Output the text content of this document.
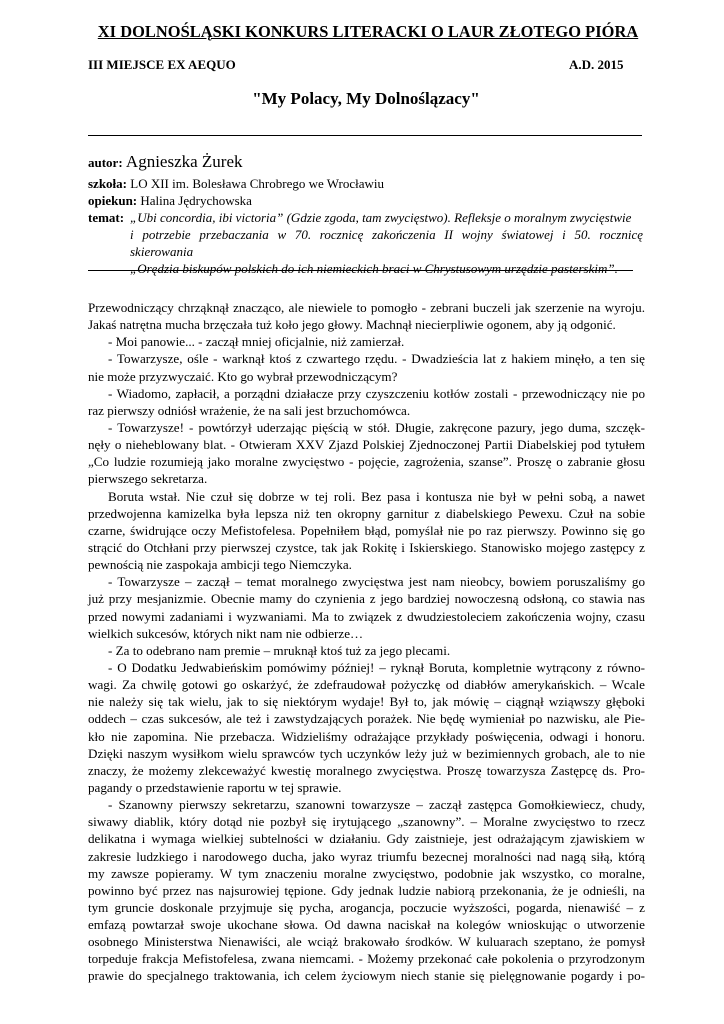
XI DOLNOŚLĄSKI KONKURS LITERACKI O LAUR ZŁOTEGO PIÓRA
III MIEJSCE EX AEQUO	A.D. 2015
"My Polacy, My Dolnoślązacy"
autor: Agnieszka Żurek
szkoła: LO XII im. Bolesława Chrobrego we Wrocławiu
opiekun: Halina Jędrychowska
temat: „Ubi concordia, ibi victoria” (Gdzie zgoda, tam zwycięstwo). Refleksje o moralnym zwycięstwie
i potrzebie przebaczania w 70. rocznicę zakończenia II wojny światowej i 50. rocznicę skierowania
„Orędzia biskupów polskich do ich niemieckich braci w Chrystusowym urzędzie pasterskim”.
Przewodniczący chrząknął znacząco, ale niewiele to pomogło - zebrani buczeli jak szerzenie na wyroju.
Jakaś natrętna mucha brzęczała tuż koło jego głowy. Machnął niecierpliwie ogonem, aby ją odgonić.
- Moi panowie... - zaczął mniej oficjalnie, niż zamierzał.
- Towarzysze, ośle - warknął ktoś z czwartego rzędu. - Dwadzieścia lat z hakiem minęło, a ten się
nie może przyzwyczaić. Kto go wybrał przewodniczącym?
- Wiadomo, zapłacił, a porządni działacze przy czyszczeniu kotłów zostali - przewodniczący nie po
raz pierwszy odniósł wrażenie, że na sali jest brzuchomówca.
- Towarzysze! - powtórzył uderzając pięścią w stół. Długie, zakręcone pazury, jego duma, szczęk-
nęły o nieheblowany blat. - Otwieram XXV Zjazd Polskiej Zjednoczonej Partii Diabelskiej pod tytułem
„Co ludzie rozumieją jako moralne zwycięstwo - pojęcie, zagrożenia, szanse”. Proszę o zabranie głosu
pierwszego sekretarza.
Boruta wstał. Nie czuł się dobrze w tej roli. Bez pasa i kontusza nie był w pełni sobą, a nawet
przedwojenna kamizelka była lepsza niż ten okropny garnitur z diabelskiego Pewexu. Czuł na sobie
czarne, świdrujące oczy Mefistofelesa. Popełniłem błąd, pomyślał nie po raz pierwszy. Powinno się go
strącić do Otchłani przy pierwszej czystce, tak jak Rokitę i Iskierskiego. Stanowisko mojego zastępcy z
pewnością nie zaspokaja ambicji tego Niemczyka.
- Towarzysze – zaczął – temat moralnego zwycięstwa jest nam nieobcy, bowiem poruszaliśmy go
już przy mesjanizmie. Obecnie mamy do czynienia z jego bardziej nowoczesną odsłoną, co stawia nas
przed nowymi zadaniami i wyzwaniami. Ma to związek z dwudziestoleciem zakończenia wojny, czasu
wielkich sukcesów, których nikt nam nie odbierze…
- Za to odebrano nam premie – mruknął ktoś tuż za jego plecami.
- O Dodatku Jedwabieńskim pomówimy później! – ryknął Boruta, kompletnie wytrącony z równo-
wagi. Za chwilę gotowi go oskarżyć, że zdefraudował pożyczkę od diabłów amerykańskich. – Wcale
nie należy się tak wielu, jak to się niektórym wydaje! Był to, jak mówię – ciągnął wziąwszy głęboki
oddech – czas sukcesów, ale też i zawstydzających porażek. Nie będę wymieniał po nazwisku, ale Pie-
kło nie zapomina. Nie przebacza. Widzieliśmy odrażające przykłady poświęcenia, odwagi i honoru.
Dzięki naszym wysiłkom wielu sprawców tych uczynków leży już w bezimiennych grobach, ale to nie
znaczy, że możemy zlekceważyć kwestię moralnego zwycięstwa. Proszę towarzysza Zastępcę ds. Pro-
pagandy o przedstawienie raportu w tej sprawie.
- Szanowny pierwszy sekretarzu, szanowni towarzysze – zaczął zastępca Gomołkiewiecz, chudy,
siwawy diablik, który dotąd nie pozbył się irytującego „szanowny”. – Moralne zwycięstwo to rzecz
delikatna i wymaga wielkiej subtelności w działaniu. Gdy zaistnieje, jest odrażającym zjawiskiem w
zakresie ludzkiego i narodowego ducha, jako wyraz triumfu bezecnej moralności nad nagą siłą, którą
my zawsze popieramy. W tym znaczeniu moralne zwycięstwo, podobnie jak wszystko, co moralne,
powinno być przez nas najsurowiej tępione. Gdy jednak ludzie nabiorą przekonania, że je odnieśli, na
tym gruncie doskonale przyjmuje się pycha, arogancja, poczucie wyższości, pogarda, nienawiść – z
emfazą powtarzał swoje ukochane słowa. Od dawna naciskał na kolegów wnioskując o utworzenie
osobnego Ministerstwa Nienawiści, ale wciąż brakowało środków. W kuluarach szeptano, że pomysł
torpeduje frakcja Mefistofelesa, zwana niemcami. - Możemy przekonać całe pokolenia o przyrodzonym
prawie do specjalnego traktowania, ich celem życiowym niech stanie się pielęgnowanie pogardy i po-
